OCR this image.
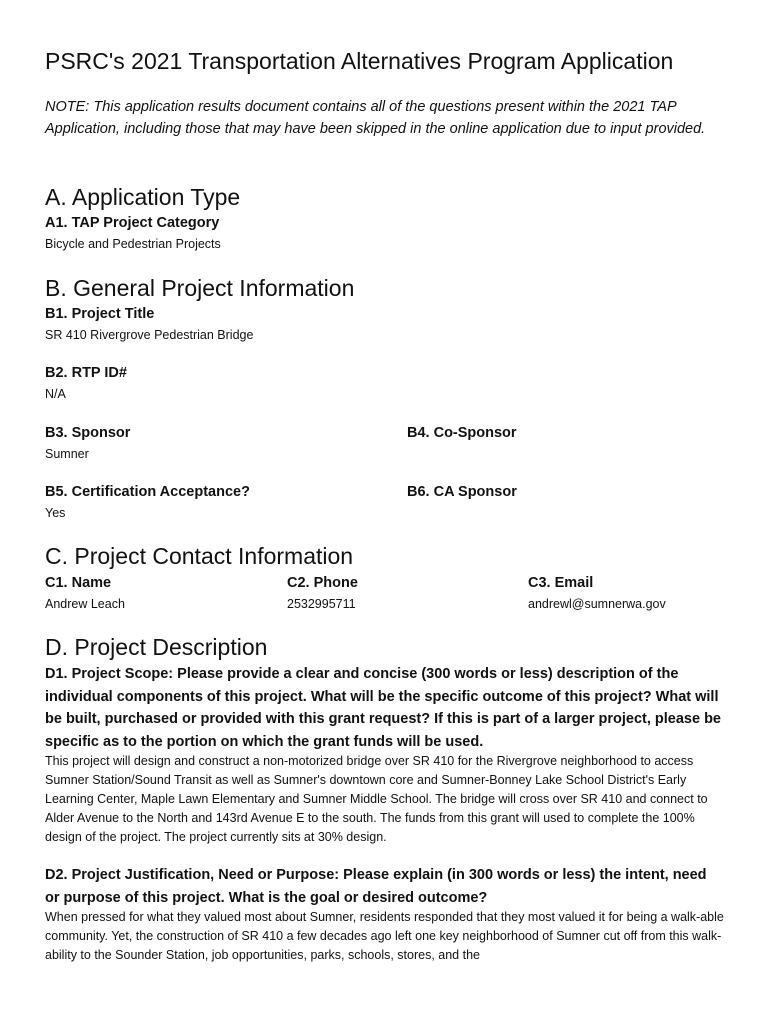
PSRC's 2021 Transportation Alternatives Program Application
NOTE: This application results document contains all of the questions present within the 2021 TAP Application, including those that may have been skipped in the online application due to input provided.
A. Application Type
A1. TAP Project Category
Bicycle and Pedestrian Projects
B. General Project Information
B1. Project Title
SR 410 Rivergrove Pedestrian Bridge
B2. RTP ID#
N/A
B3. Sponsor
Sumner
B4. Co-Sponsor
B5. Certification Acceptance?
Yes
B6. CA Sponsor
C. Project Contact Information
C1. Name
Andrew Leach
C2. Phone
2532995711
C3. Email
andrewl@sumnerwa.gov
D. Project Description
D1. Project Scope: Please provide a clear and concise (300 words or less) description of the individual components of this project. What will be the specific outcome of this project? What will be built, purchased or provided with this grant request? If this is part of a larger project, please be specific as to the portion on which the grant funds will be used.
This project will design and construct a non-motorized bridge over SR 410 for the Rivergrove neighborhood to access Sumner Station/Sound Transit as well as Sumner's downtown core and Sumner-Bonney Lake School District's Early Learning Center, Maple Lawn Elementary and Sumner Middle School. The bridge will cross over SR 410 and connect to Alder Avenue to the North and 143rd Avenue E to the south. The funds from this grant will used to complete the 100% design of the project. The project currently sits at 30% design.
D2. Project Justification, Need or Purpose: Please explain (in 300 words or less) the intent, need or purpose of this project. What is the goal or desired outcome?
When pressed for what they valued most about Sumner, residents responded that they most valued it for being a walk-able community. Yet, the construction of SR 410 a few decades ago left one key neighborhood of Sumner cut off from this walk-ability to the Sounder Station, job opportunities, parks, schools, stores, and the
